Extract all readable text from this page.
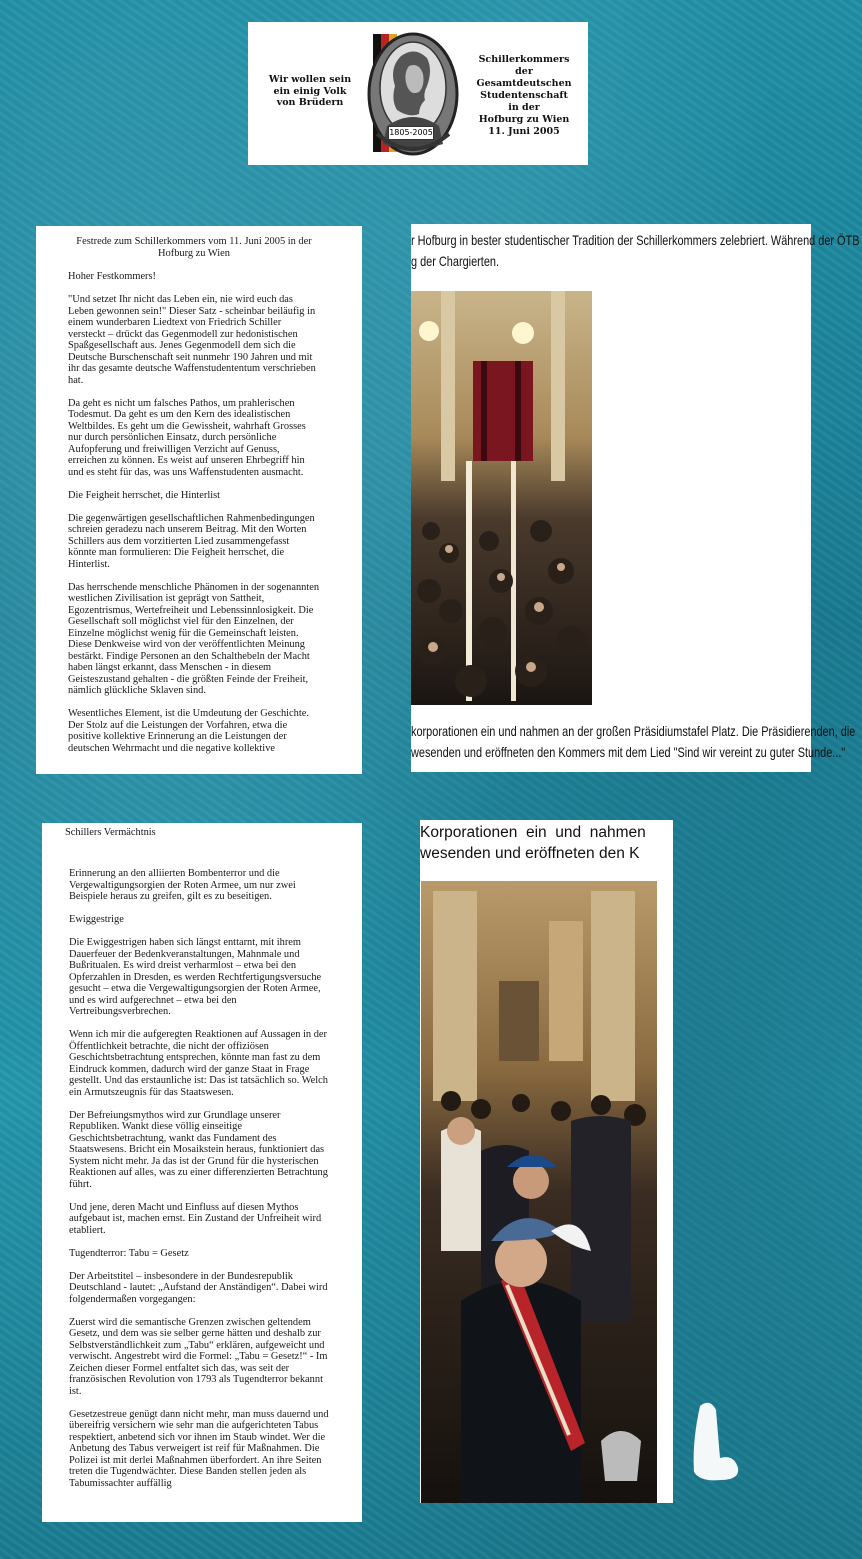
Wir wollen sein
ein einig Volk
von Brüdern
1805-2005
Schillerkommers
der
Gesamtdeutschen
Studentenschaft
in der
Hofburg zu Wien
11. Juni 2005

Festrede zum Schillerkommers vom 11. Juni 2005 in der Hofburg zu Wien

Hoher Festkommers!

"Und setzet Ihr nicht das Leben ein, nie wird euch das Leben gewonnen sein!" Dieser Satz - scheinbar beiläufig in einem wunderbaren Liedtext von Friedrich Schiller versteckt – drückt das Gegenmodell zur hedonistischen Spaßgesellschaft aus. Jenes Gegenmodell dem sich die Deutsche Burschenschaft seit nunmehr 190 Jahren und mit ihr das gesamte deutsche Waffenstudententum verschrieben hat.

Da geht es nicht um falsches Pathos, um prahlerischen Todesmut. Da geht es um den Kern des idealistischen Weltbildes. Es geht um die Gewissheit, wahrhaft Grosses nur durch persönlichen Einsatz, durch persönliche Aufopferung und freiwilligen Verzicht auf Genuss, erreichen zu können. Es weist auf unseren Ehrbegriff hin und es steht für das, was uns Waffenstudenten ausmacht.

Die Feigheit herrschet, die Hinterlist

Die gegenwärtigen gesellschaftlichen Rahmenbedingungen schreien geradezu nach unserem Beitrag. Mit den Worten Schillers aus dem vorzitierten Lied zusammengefasst könnte man formulieren: Die Feigheit herrschet, die Hinterlist.

Das herrschende menschliche Phänomen in der sogenannten westlichen Zivilisation ist geprägt von Sattheit, Egozentrismus, Wertefreiheit und Lebenssinnlosigkeit. Die Gesellschaft soll möglichst viel für den Einzelnen, der Einzelne möglichst wenig für die Gemeinschaft leisten. Diese Denkweise wird von der veröffentlichten Meinung bestärkt. Findige Personen an den Schalthebeln der Macht haben längst erkannt, dass Menschen - in diesem Geisteszustand gehalten - die größten Feinde der Freiheit, nämlich glückliche Sklaven sind.

Wesentliches Element, ist die Umdeutung der Geschichte. Der Stolz auf die Leistungen der Vorfahren, etwa die positive kollektive Erinnerung an die Leistungen der deutschen Wehrmacht und die negative kollektive

r Hofburg in bester studentischer Tradition der Schillerkommers zelebriert. Während der ÖTB
g der Chargierten.
korporationen ein und nahmen an der großen Präsidiumstafel Platz. Die Präsidierenden, die
wesenden und eröffneten den Kommers mit dem Lied "Sind wir vereint zu guter Stunde..."
Schillers Vermächtnis

Erinnerung an den alliierten Bombenterror und die Vergewaltigungsorgien der Roten Armee, um nur zwei Beispiele heraus zu greifen, gilt es zu beseitigen.

Ewiggestrige

Die Ewiggestrigen haben sich längst enttarnt, mit ihrem Dauerfeuer der Bedenkveranstaltungen, Mahnmale und Bußritualen. Es wird dreist verharmlost – etwa bei den Opferzahlen in Dresden, es werden Rechtfertigungsversuche gesucht – etwa die Vergewaltigungsorgien der Roten Armee, und es wird aufgerechnet – etwa bei den Vertreibungsverbrechen.

Wenn ich mir die aufgeregten Reaktionen auf Aussagen in der Öffentlichkeit betrachte, die nicht der offiziösen Geschichtsbetrachtung entsprechen, könnte man fast zu dem Eindruck kommen, dadurch wird der ganze Staat in Frage gestellt. Und das erstaunliche ist: Das ist tatsächlich so. Welch ein Armutszeugnis für das Staatswesen.

Der Befreiungsmythos wird zur Grundlage unserer Republiken. Wankt diese völlig einseitige Geschichtsbetrachtung, wankt das Fundament des Staatswesens. Bricht ein Mosaikstein heraus, funktioniert das System nicht mehr. Ja das ist der Grund für die hysterischen Reaktionen auf alles, was zu einer differenzierten Betrachtung führt.

Und jene, deren Macht und Einfluss auf diesen Mythos aufgebaut ist, machen ernst. Ein Zustand der Unfreiheit wird etabliert.

Tugendterror: Tabu = Gesetz

Der Arbeitstitel – insbesondere in der Bundesrepublik Deutschland - lautet: „Aufstand der Anständigen“. Dabei wird folgendermaßen vorgegangen:

Zuerst wird die semantische Grenzen zwischen geltendem Gesetz, und dem was sie selber gerne hätten und deshalb zur Selbstverständlichkeit zum „Tabu“ erklären, aufgeweicht und verwischt. Angestrebt wird die Formel: „Tabu = Gesetz!“ - Im Zeichen dieser Formel entfaltet sich das, was seit der französischen Revolution von 1793 als Tugendterror bekannt ist.

Gesetzestreue genügt dann nicht mehr, man muss dauernd und übereifrig versichern wie sehr man die aufgerichteten Tabus respektiert, anbetend sich vor ihnen im Staub windet. Wer die Anbetung des Tabus verweigert ist reif für Maßnahmen. Die Polizei ist mit derlei Maßnahmen überfordert. An ihre Seiten treten die Tugendwächter. Diese Banden stellen jeden als Tabumissachter auffällig

Korporationen  ein  und  nahmen
wesenden und eröffneten den K
